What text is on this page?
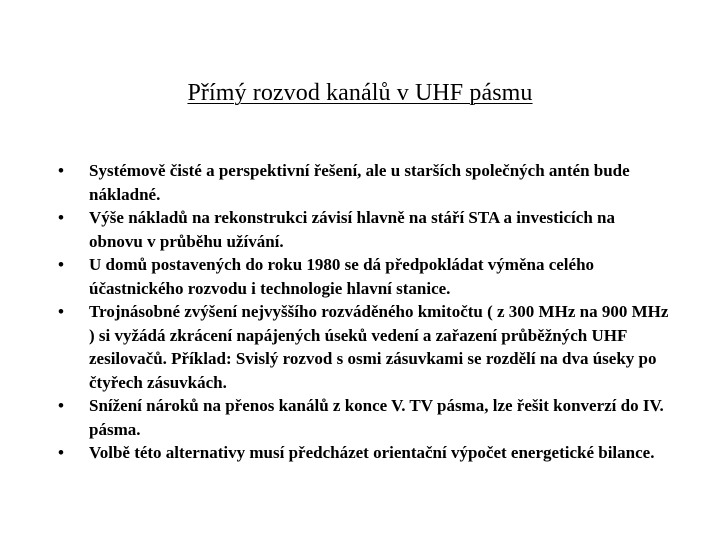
Přímý rozvod kanálů v UHF pásmu
•	Systémově čisté a perspektivní řešení, ale u starších společných antén bude nákladné.
•	Výše nákladů na rekonstrukci závisí hlavně na stáří STA a investicích na obnovu v průběhu užívání.
•	U domů postavených do roku 1980 se dá předpokládat výměna celého účastnického rozvodu i technologie hlavní stanice.
•	Trojnásobné zvýšení nejvyššího rozváděného kmitočtu ( z 300 MHz na 900 MHz ) si vyžádá zkrácení napájených úseků vedení a zařazení průběžných UHF zesilovačů. Příklad: Svislý rozvod s osmi zásuvkami se rozdělí na dva úseky po čtyřech zásuvkách.
•	Snížení nároků na přenos kanálů z konce V. TV pásma, lze řešit konverzí do IV. pásma.
•	Volbě této alternativy musí předcházet orientační výpočet energetické bilance.
